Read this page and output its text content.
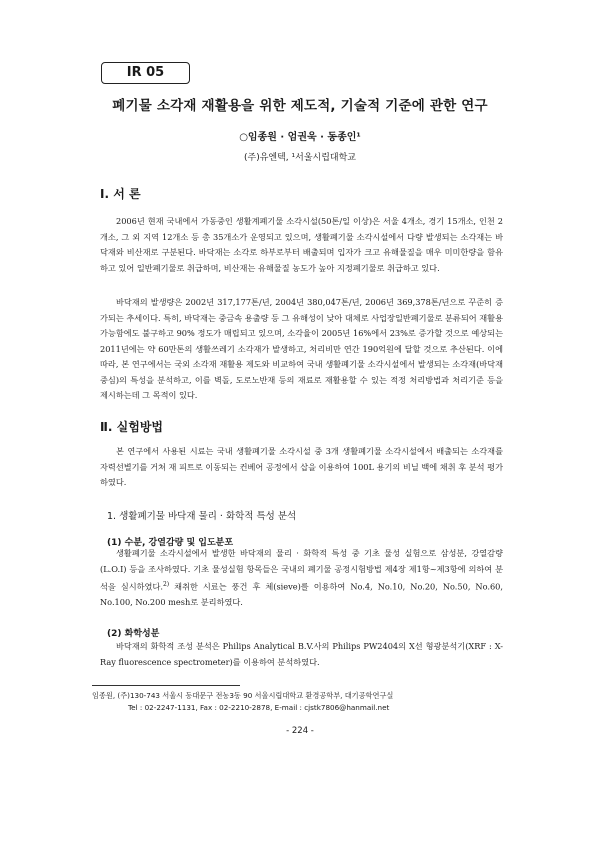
IR 05
폐기물 소각재 재활용을 위한 제도적, 기술적 기준에 관한 연구
○임종원 · 엄권욱 · 동종인¹
(주)유엔텍, ¹서울시립대학교
Ⅰ. 서 론

2006년 현재 국내에서 가동중인 생활계폐기물 소각시설(50톤/일 이상)은 서울 4개소, 경기 15개소, 인천 2개소, 그 외 지역 12개소 등 총 35개소가 운영되고 있으며, 생활폐기물 소각시설에서 다량 발생되는 소각재는 바닥재와 비산재로 구분된다. 바닥재는 소각로 하부로부터 배출되며 입자가 크고 유해물질을 매우 미미한량을 함유하고 있어 일반폐기물로 취급하며, 비산재는 유해물질 농도가 높아 지정폐기물로 취급하고 있다.

바닥재의 발생량은 2002년 317,177톤/년, 2004년 380,047톤/년, 2006년 369,378톤/년으로 꾸준히 증가되는 추세이다. 특히, 바닥재는 중금속 용출량 등 그 유해성이 낮아 대체로 사업장일반폐기물로 분류되어 재활용 가능함에도 불구하고 90% 정도가 매립되고 있으며, 소각율이 2005년 16%에서 23%로 증가할 것으로 예상되는 2011년에는 약 60만톤의 생활쓰레기 소각재가 발생하고, 처리비만 연간 190억원에 달할 것으로 추산된다. 이에 따라, 본 연구에서는 국외 소각재 재활용 제도와 비교하여 국내 생활폐기물 소각시설에서 발생되는 소각재(바닥재 중심)의 특성을 분석하고, 이를 벽돌, 도로노반재 등의 재료로 재활용할 수 있는 적정 처리방법과 처리기준 등을 제시하는데 그 목적이 있다.

Ⅱ. 실험방법

본 연구에서 사용된 시료는 국내 생활폐기물 소각시설 중 3개 생활폐기물 소각시설에서 배출되는 소각재를 자력선별기를 거쳐 재 피트로 이동되는 컨베어 공정에서 삽을 이용하여 100L 용기의 비닐 백에 채취 후 분석 평가하였다.

1. 생활폐기물 바닥재 물리 · 화학적 특성 분석
(1) 수분, 강열감량 및 입도분포

생활폐기물 소각시설에서 발생한 바닥재의 물리 · 화학적 특성 중 기초 물성 실험으로 삼성분, 강열감량(L.O.I) 등을 조사하였다. 기초 물성실험 항목들은 국내의 폐기물 공정시험방법 제4장 제1항~제3항에 의하여 분석을 실시하였다.$^{2)}$ 채취한 시료는 풍건 후 체(sieve)를 이용하여 No.4, No.10, No.20, No.50, No.60, No.100, No.200 mesh로 분리하였다.

(2) 화학성분

바닥재의 화학적 조성 분석은 Philips Analytical B.V.사의 Philips PW2404의 X선 형광분석기(XRF : X-Ray fluorescence spectrometer)를 이용하여 분석하였다.

임종원, (주)130-743 서울시 동대문구 전농3동 90 서울시립대학교 환경공학부, 대기공학연구실
Tel : 02-2247-1131, Fax : 02-2210-2878, E-mail : cjstk7806@hanmail.net
- 224 -
